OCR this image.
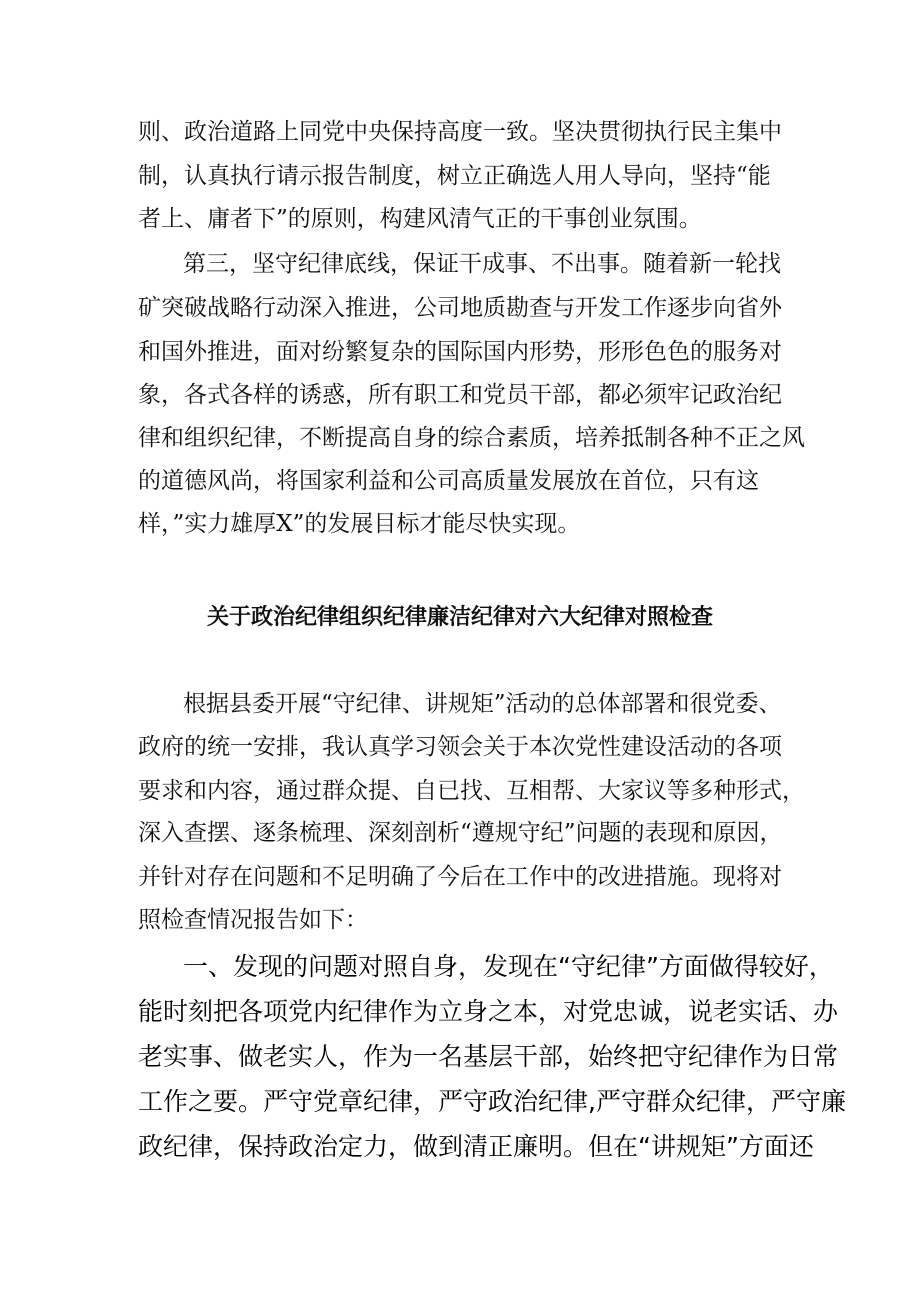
则、政治道路上同党中央保持高度一致。坚决贯彻执行民主集中

制，认真执行请示报告制度，树立正确选人用人导向，坚持“能

者上、庸者下”的原则，构建风清气正的干事创业氛围。

第三，坚守纪律底线，保证干成事、不出事。随着新一轮找

矿突破战略行动深入推进，公司地质勘查与开发工作逐步向省外

和国外推进，面对纷繁复杂的国际国内形势，形形色色的服务对

象，各式各样的诱惑，所有职工和党员干部，都必须牢记政治纪

律和组织纪律，不断提高自身的综合素质，培养抵制各种不正之风

的道德风尚，将国家利益和公司高质量发展放在首位，只有这

样，”实力雄厚X”的发展目标才能尽快实现。

关于政治纪律组织纪律廉洁纪律对六大纪律对照检查

根据县委开展“守纪律、讲规矩”活动的总体部署和很党委、

政府的统一安排，我认真学习领会关于本次党性建设活动的各项

要求和内容，通过群众提、自已找、互相帮、大家议等多种形式，

深入查摆、逐条梳理、深刻剖析“遵规守纪”问题的表现和原因，

并针对存在问题和不足明确了今后在工作中的改进措施。现将对

照检查情况报告如下：

一、发现的问题对照自身，发现在“守纪律”方面做得较好，

能时刻把各项党内纪律作为立身之本，对党忠诚，说老实话、办

老实事、做老实人，作为一名基层干部，始终把守纪律作为日常

工作之要。严守党章纪律，严守政治纪律,严守群众纪律，严守廉

政纪律，保持政治定力，做到清正廉明。但在“讲规矩”方面还
